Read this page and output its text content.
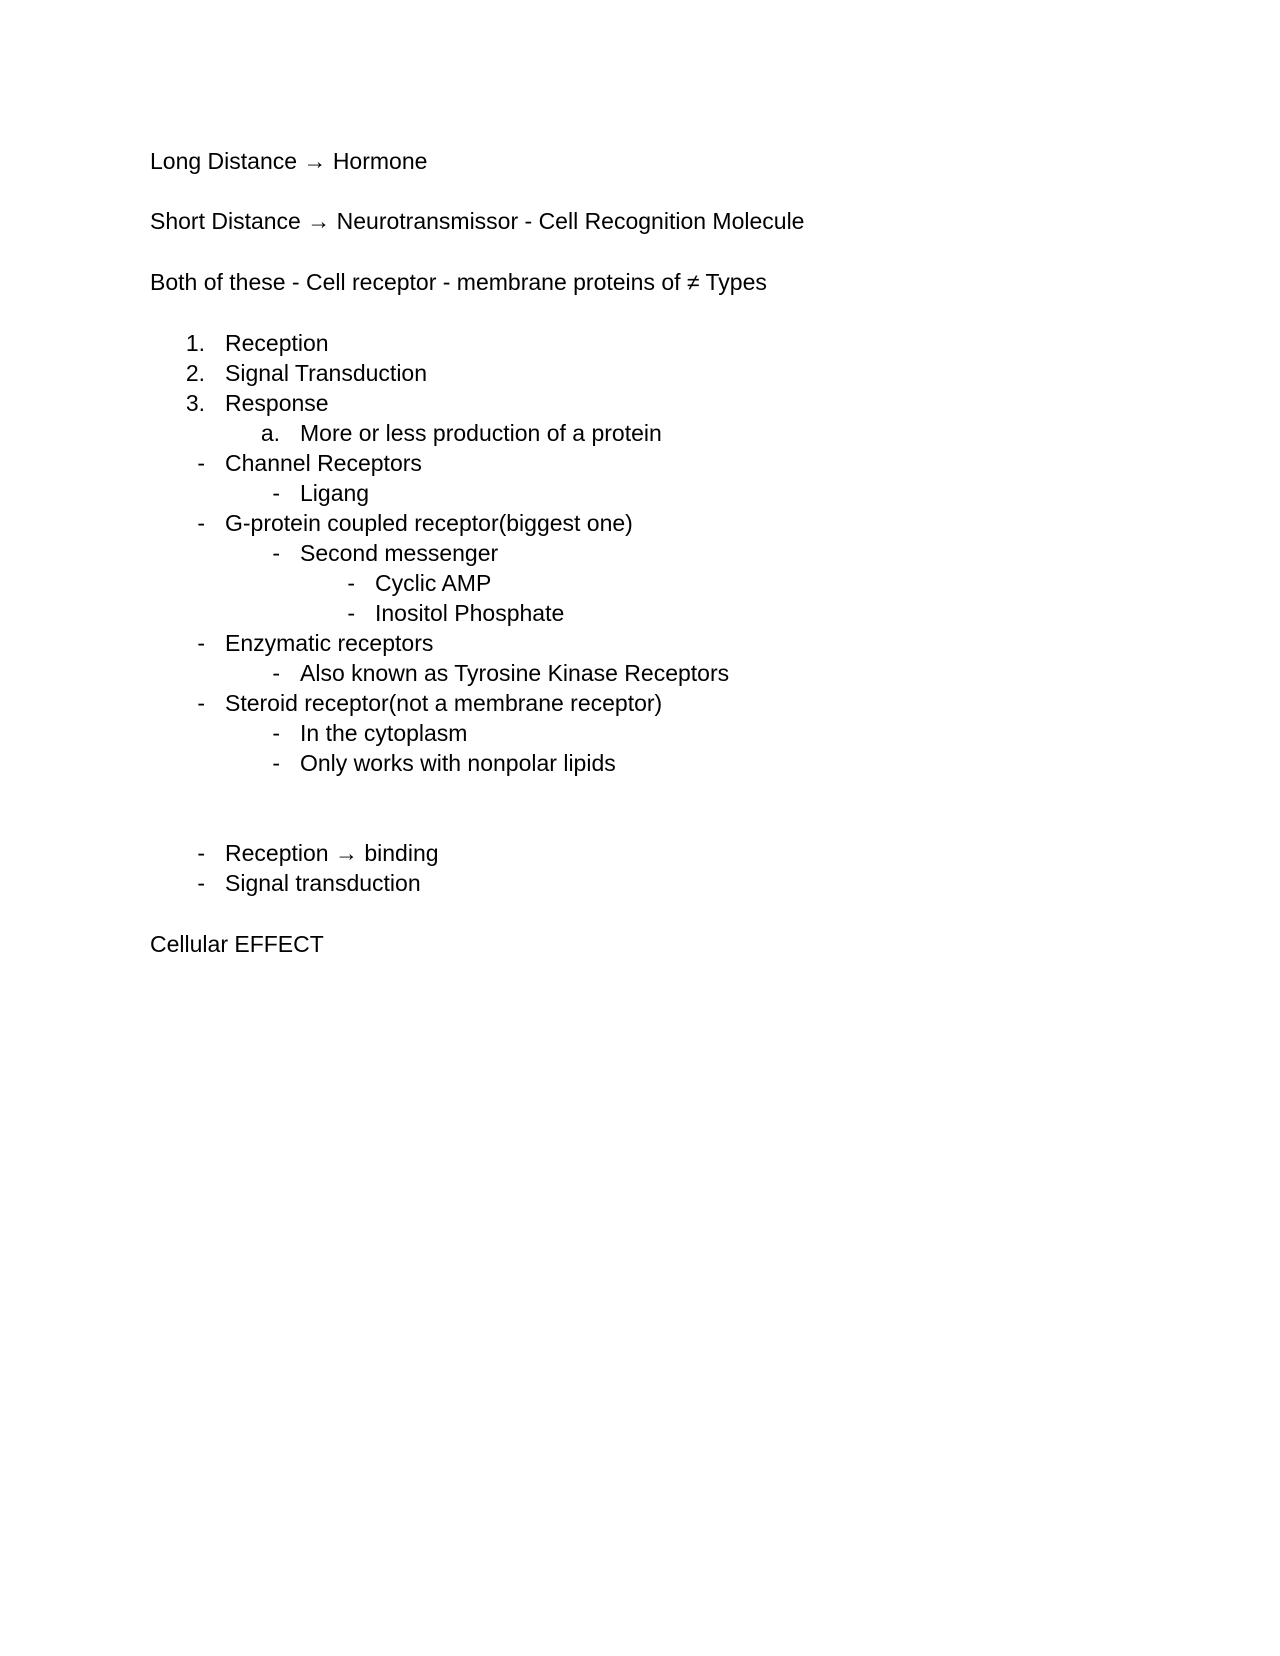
Long Distance → Hormone
Short Distance → Neurotransmissor - Cell Recognition Molecule
Both of these - Cell receptor - membrane proteins of ≠ Types
1. Reception
2. Signal Transduction
3. Response
a. More or less production of a protein
- Channel Receptors
- Ligang
- G-protein coupled receptor(biggest one)
- Second messenger
- Cyclic AMP
- Inositol Phosphate
- Enzymatic receptors
- Also known as Tyrosine Kinase Receptors
- Steroid receptor(not a membrane receptor)
- In the cytoplasm
- Only works with nonpolar lipids
- Reception → binding
- Signal transduction
Cellular EFFECT
